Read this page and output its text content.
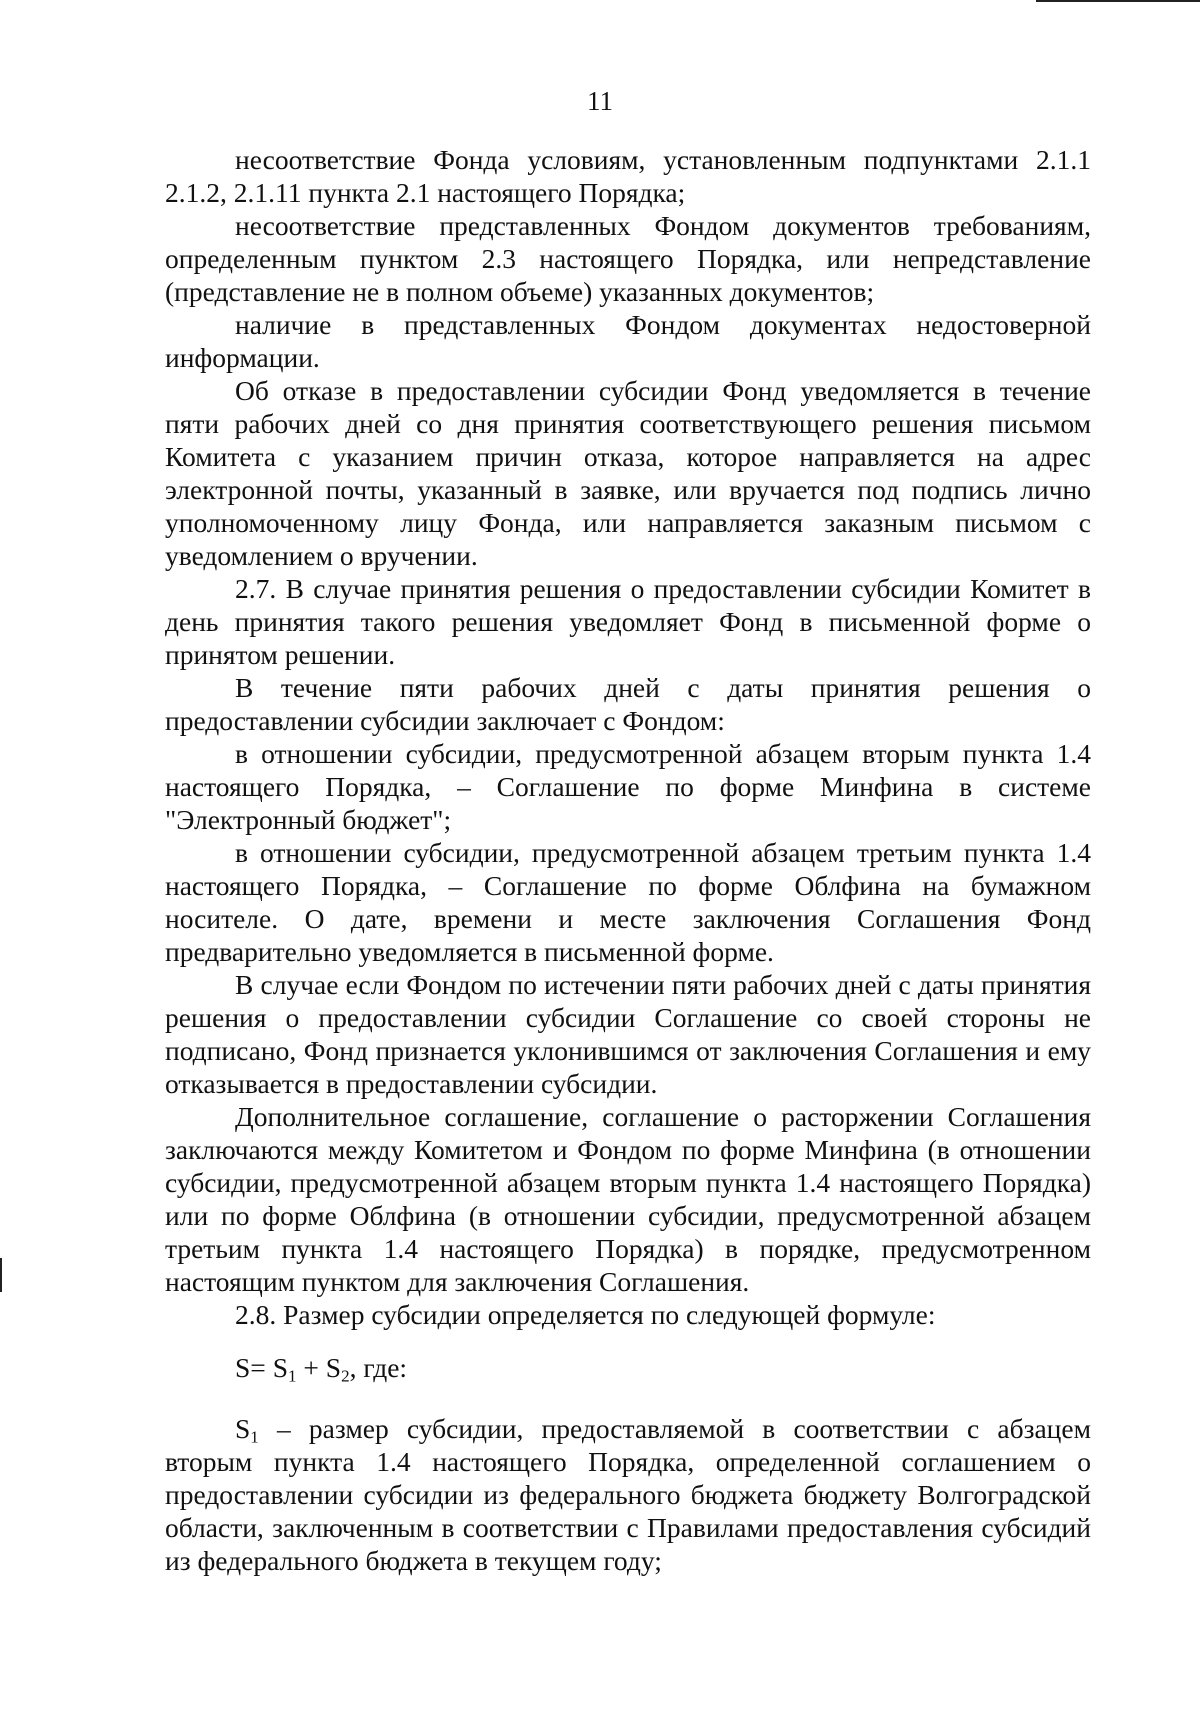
11

несоответствие Фонда условиям, установленным подпунктами 2.1.1 2.1.2, 2.1.11 пункта 2.1 настоящего Порядка;

несоответствие представленных Фондом документов требованиям, определенным пунктом 2.3 настоящего Порядка, или непредставление (представление не в полном объеме) указанных документов;

наличие в представленных Фондом документах недостоверной информации.

Об отказе в предоставлении субсидии Фонд уведомляется в течение пяти рабочих дней со дня принятия соответствующего решения письмом Комитета с указанием причин отказа, которое направляется на адрес электронной почты, указанный в заявке, или вручается под подпись лично уполномоченному лицу Фонда, или направляется заказным письмом с уведомлением о вручении.

2.7. В случае принятия решения о предоставлении субсидии Комитет в день принятия такого решения уведомляет Фонд в письменной форме о принятом решении.

В течение пяти рабочих дней с даты принятия решения о предоставлении субсидии заключает с Фондом:

в отношении субсидии, предусмотренной абзацем вторым пункта 1.4 настоящего Порядка, – Соглашение по форме Минфина в системе "Электронный бюджет";

в отношении субсидии, предусмотренной абзацем третьим пункта 1.4 настоящего Порядка, – Соглашение по форме Облфина на бумажном носителе. О дате, времени и месте заключения Соглашения Фонд предварительно уведомляется в письменной форме.

В случае если Фондом по истечении пяти рабочих дней с даты принятия решения о предоставлении субсидии Соглашение со своей стороны не подписано, Фонд признается уклонившимся от заключения Соглашения и ему отказывается в предоставлении субсидии.

Дополнительное соглашение, соглашение о расторжении Соглашения заключаются между Комитетом и Фондом по форме Минфина (в отношении субсидии, предусмотренной абзацем вторым пункта 1.4 настоящего Порядка) или по форме Облфина (в отношении субсидии, предусмотренной абзацем третьим пункта 1.4 настоящего Порядка) в порядке, предусмотренном настоящим пунктом для заключения Соглашения.

2.8. Размер субсидии определяется по следующей формуле:

$S= S_1 + S_2$, где:

$S_1$ – размер субсидии, предоставляемой в соответствии с абзацем вторым пункта 1.4 настоящего Порядка, определенной соглашением о предоставлении субсидии из федерального бюджета бюджету Волгоградской области, заключенным в соответствии с Правилами предоставления субсидий из федерального бюджета в текущем году;
